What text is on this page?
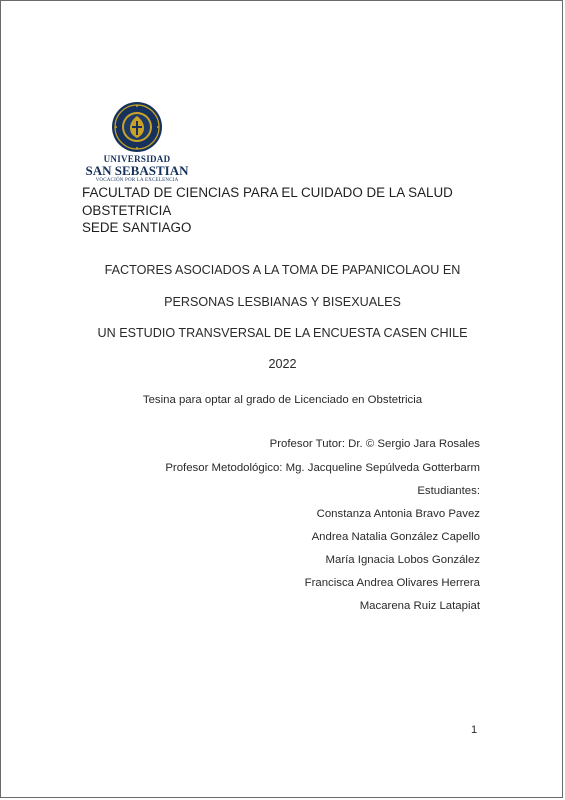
UNIVERSIDAD
SAN SEBASTIAN
VOCACIÓN POR LA EXCELENCIA
FACULTAD DE CIENCIAS PARA EL CUIDADO DE LA SALUD
OBSTETRICIA
SEDE SANTIAGO
FACTORES ASOCIADOS A LA TOMA DE PAPANICOLAOU EN
PERSONAS LESBIANAS Y BISEXUALES
UN ESTUDIO TRANSVERSAL DE LA ENCUESTA CASEN CHILE
2022
Tesina para optar al grado de Licenciado en Obstetricia
Profesor Tutor: Dr. © Sergio Jara Rosales
Profesor Metodológico: Mg. Jacqueline Sepúlveda Gotterbarm
Estudiantes:
Constanza Antonia Bravo Pavez
Andrea Natalia González Capello
María Ignacia Lobos González
Francisca Andrea Olivares Herrera
Macarena Ruiz Latapiat
1
